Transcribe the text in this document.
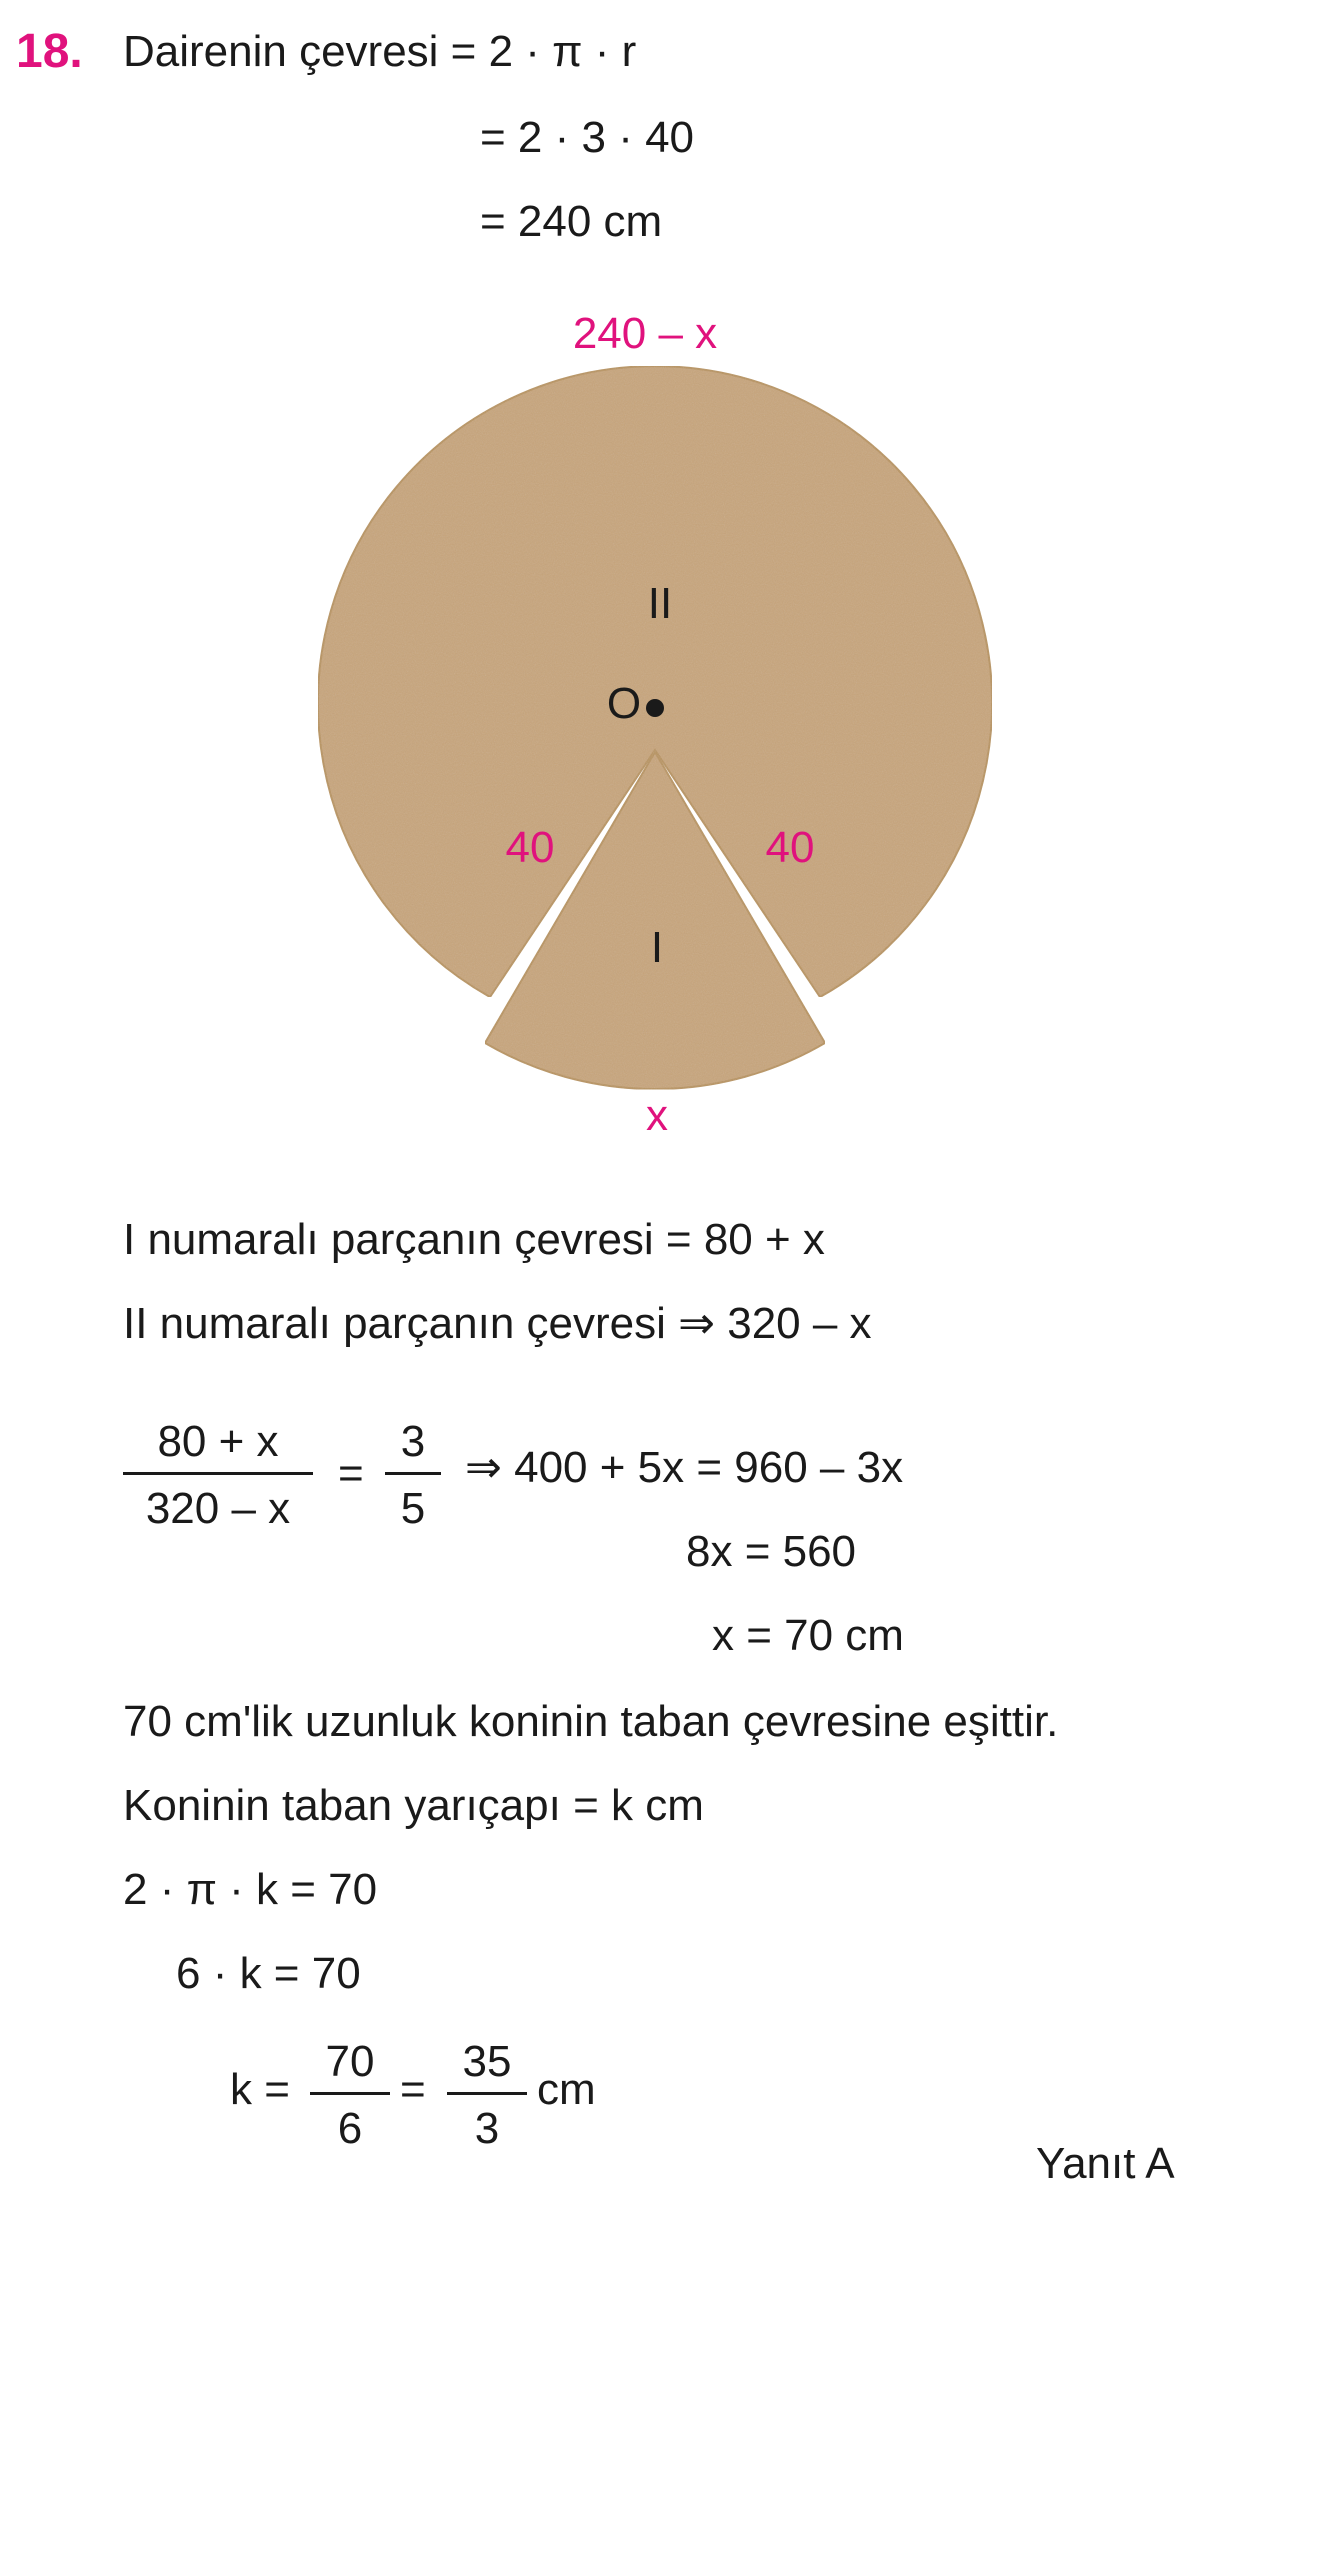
18. Dairenin çevresi = 2 · π · r
= 2 · 3 · 40
= 240 cm
240 – x
II
O
40	40
I
x
I numaralı parçanın çevresi = 80 + x
II numaralı parçanın çevresi ⇒ 320 – x
80 + x
320 – x
=
3
5
⇒ 400 + 5x = 960 – 3x
8x = 560
x = 70 cm
70 cm'lik uzunluk koninin taban çevresine eşittir.
Koninin taban yarıçapı = k cm
2 · π · k = 70
6 · k = 70
k =
70
6
=
35
3
cm
Yanıt A
